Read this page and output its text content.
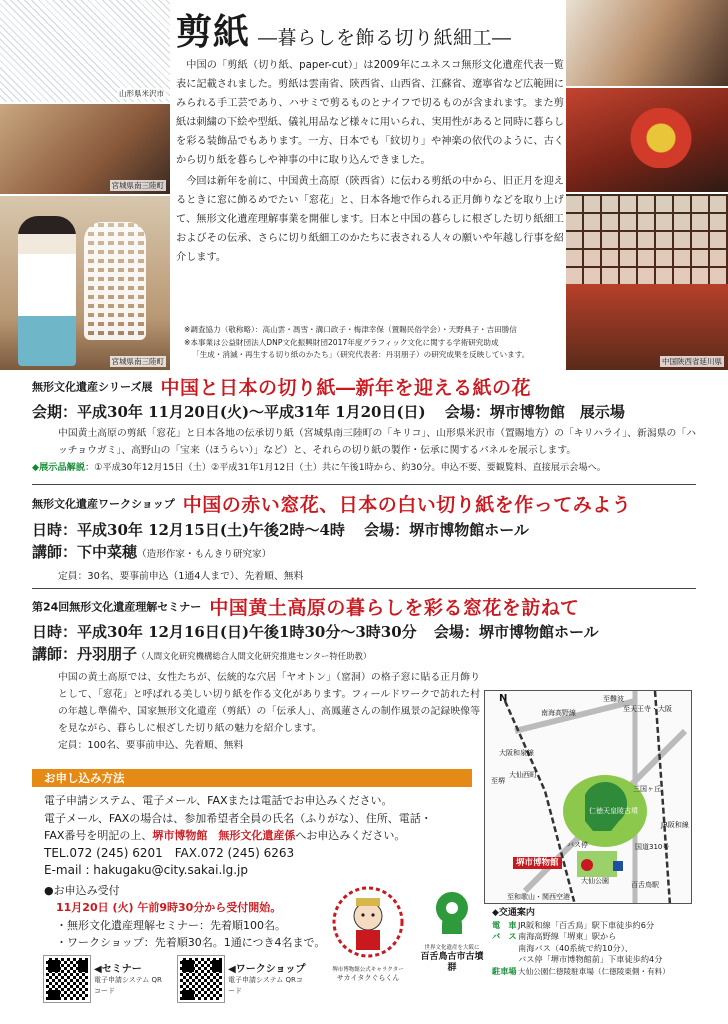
山形県米沢市
宮城県南三陸町
宮城県南三陸町	中国陕西省延川県
剪紙 ―暮らしを飾る切り紙細工―

中国の「剪紙（切り紙、paper-cut）」は2009年にユネスコ無形文化遺産代表一覧表に記載されました。剪紙は雲南省、陝西省、山西省、江蘇省、遼寧省など広範囲にみられる手工芸であり、ハサミで剪るものとナイフで切るものが含まれます。また剪紙は刺繍の下絵や型紙、儀礼用品など様々に用いられ、実用性があると同時に暮らしを彩る装飾品でもあります。一方、日本でも「紋切り」や神楽の依代のように、古くから切り紙を暮らしや神事の中に取り込んできました。

今回は新年を前に、中国黄土高原（陝西省）に伝わる剪紙の中から、旧正月を迎えるときに窓に飾るめでたい「窓花」と、日本各地で作られる正月飾りなどを取り上げて、無形文化遺産理解事業を開催します。日本と中国の暮らしに根ざした切り紙細工およびその伝承、さらに切り紙細工のかたちに表される人々の願いや年越し行事を紹介します。

※調査協力（敬称略）：高山雲・馮雪・溝口政子・梅津幸保（置賜民俗学会）・天野典子・吉田勝信
※本事業は公益財団法人DNP文化振興財団2017年度グラフィック文化に関する学術研究助成
「生成・消滅・再生する切り紙のかたち」（研究代表者：丹羽朋子）の研究成果を反映しています。
無形文化遺産シリーズ展 中国と日本の切り紙―新年を迎える紙の花
会期：平成30年 11月20日(火)～平成31年 1月20日(日) 会場：堺市博物館　展示場
中国黄土高原の剪紙「窓花」と日本各地の伝承切り紙（宮城県南三陸町の「キリコ」、山形県米沢市（置賜地方）の「キリハライ」、新潟県の「ハッチョウガミ」、高野山の「宝来（ほうらい）」など）と、それらの切り紙の製作・伝承に関するパネルを展示します。
◆展示品解説：①平成30年12月15日（土）②平成31年1月12日（土）共に午後1時から、約30分。申込不要、要観覧料、直接展示会場へ。
無形文化遺産ワークショップ 中国の赤い窓花、日本の白い切り紙を作ってみよう
日時：平成30年 12月15日(土)午後2時～4時 会場：堺市博物館ホール
講師：下中菜穂（造形作家・もんきり研究家）
定員：30名、要事前申込（1通4人まで）、先着順、無料
第24回無形文化遺産理解セミナー 中国黄土高原の暮らしを彩る窓花を訪ねて
日時：平成30年 12月16日(日)午後1時30分～3時30分 会場：堺市博物館ホール
講師：丹羽朋子（人間文化研究機構総合人間文化研究推進センター特任助教）
中国の黄土高原では、女性たちが、伝統的な穴居「ヤオトン」（窰洞）の格子窓に貼る正月飾りとして、「窓花」と呼ばれる美しい切り紙を作る文化があります。フィールドワークで訪れた村の年越し準備や、国家無形文化遺産（剪紙）の「伝承人」、高鳳蓮さんの制作風景の記録映像等を見ながら、暮らしに根ざした切り紙の魅力を紹介します。
定員：100名、要事前申込、先着順、無料
お申し込み方法
電子申請システム、電子メール、FAXまたは電話でお申込みください。
電子メール、FAXの場合は、参加希望者全員の氏名（ふりがな）、住所、電話・
FAX番号を明記の上、堺市博物館　無形文化遺産係へお申込みください。
TEL.072 (245) 6201　FAX.072 (245) 6263
E-mail : hakugaku@city.sakai.lg.jp
●お申込み受付
11月20日 (火) 午前9時30分から受付開始。
・無形文化遺産理解セミナー：先着順100名。
・ワークショップ：先着順30名。1通につき4名まで。
◀セミナー
電子申請システム QRコード
◀ワークショップ
電子申請システム QRコード
堺市博物館公式キャラクター
サカイタクぐらくん
世界文化遺産を大阪に
百舌鳥古市古墳群
N
南海高野線
大阪和泉線
至堺
至難波
至天王寺・大阪
大仙西町
三国ヶ丘
仁徳天皇陵古墳
堺市博物館
バス停
大仙公園	百舌鳥駅
JR阪和線
国道310号
至和歌山・関西空港
◆交通案内
電　車JR阪和線「百舌鳥」駅下車徒歩約6分
バ　ス南海高野線「堺東」駅から
南海バス（40系統で約10分）、
バス停「堺市博物館前」下車徒歩約4分
駐車場大仙公園仁徳陵駐車場（仁徳陵東側・有料）
